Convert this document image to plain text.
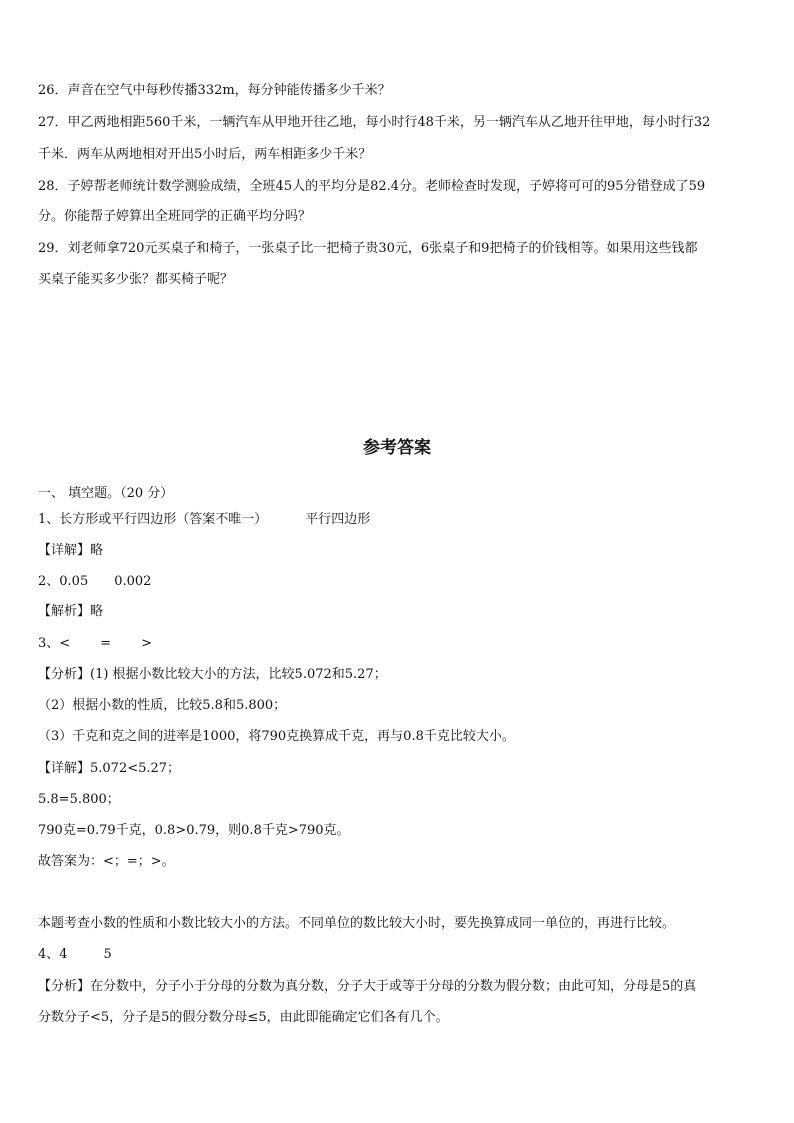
26．声音在空气中每秒传播332m，每分钟能传播多少千米？
27．甲乙两地相距560千米，一辆汽车从甲地开往乙地，每小时行48千米，另一辆汽车从乙地开往甲地，每小时行32
千米．两车从两地相对开出5小时后，两车相距多少千米？
28．子婷帮老师统计数学测验成绩，全班45人的平均分是82.4分。老师检查时发现，子婷将可可的95分错登成了59
分。你能帮子婷算出全班同学的正确平均分吗？
29．刘老师拿720元买桌子和椅子，一张桌子比一把椅子贵30元，6张桌子和9把椅子的价钱相等。如果用这些钱都
买桌子能买多少张？都买椅子呢？
参考答案
一、 填空题。（20 分）
1、长方形或平行四边形（答案不唯一）	平行四边形
【详解】略
2、0.05 0.002
【解析】略
3、< = >
【分析】(1) 根据小数比较大小的方法，比较5.072和5.27；
（2）根据小数的性质，比较5.8和5.800；
（3）千克和克之间的进率是1000，将790克换算成千克，再与0.8千克比较大小。
【详解】5.072<5.27；
5.8=5.800；
790克=0.79千克，0.8>0.79，则0.8千克>790克。
故答案为：<；=；>。
本题考查小数的性质和小数比较大小的方法。不同单位的数比较大小时，要先换算成同一单位的，再进行比较。
4、4	5
【分析】在分数中，分子小于分母的分数为真分数，分子大于或等于分母的分数为假分数；由此可知，分母是5的真
分数分子<5，分子是5的假分数分母≤5，由此即能确定它们各有几个。
